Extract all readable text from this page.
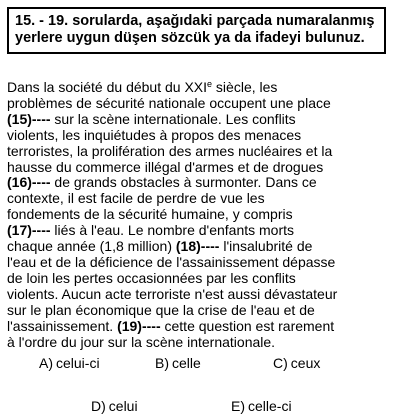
15. - 19. sorularda, aşağıdaki parçada numaralanmış
yerlere uygun düşen sözcük ya da ifadeyi bulunuz.
Dans la société du début du XXIe siècle, les
problèmes de sécurité nationale occupent une place
(15)---- sur la scène internationale. Les conflits
violents, les inquiétudes à propos des menaces
terroristes, la prolifération des armes nucléaires et la
hausse du commerce illégal d'armes et de drogues
(16)---- de grands obstacles à surmonter. Dans ce
contexte, il est facile de perdre de vue les
fondements de la sécurité humaine, y compris
(17)---- liés à l'eau. Le nombre d'enfants morts
chaque année (1,8 million) (18)---- l'insalubrité de
l'eau et de la déficience de l'assainissement dépasse
de loin les pertes occasionnées par les conflits
violents. Aucun acte terroriste n'est aussi dévastateur
sur le plan économique que la crise de l'eau et de
l'assainissement. (19)---- cette question est rarement
à l'ordre du jour sur la scène internationale.
A) celui-ci	B) celle	C) ceux
D) celui	E) celle-ci
